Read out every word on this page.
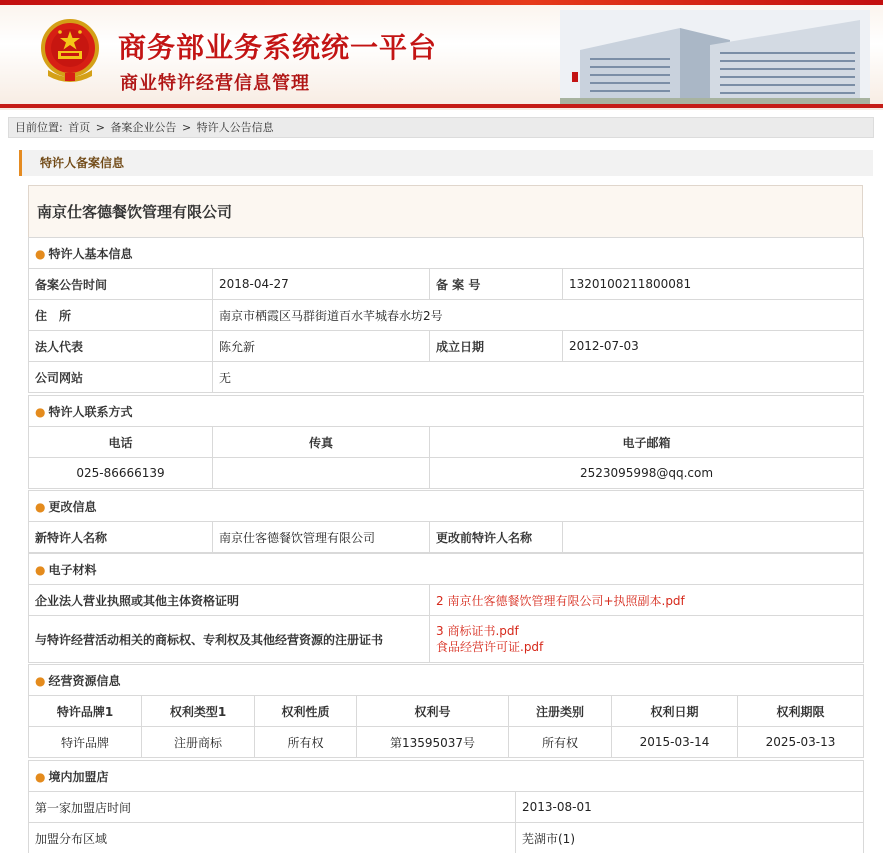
商务部业务系统统一平台
商业特许经营信息管理
目前位置: 首页 > 备案企业公告 > 特许人公告信息
特许人备案信息
南京仕客德餐饮管理有限公司
● 特许人基本信息			
备案公告时间	2018-04-27	备 案 号	1320100211800081
住　所	南京市栖霞区马群街道百水芊城春水坊2号		
法人代表	陈允新	成立日期	2012-07-03
公司网站	无		
● 特许人联系方式		
电话	传真	电子邮箱
025-86666139		2523095998@qq.com
● 更改信息
新特许人名称	南京仕客德餐饮管理有限公司	更改前特许人名称	
● 电子材料	
企业法人营业执照或其他主体资格证明	2 南京仕客德餐饮管理有限公司+执照副本.pdf
与特许经营活动相关的商标权、专利权及其他经营资源的注册证书	3 商标证书.pdf
食品经营许可证.pdf
● 经营资源信息						
特许品牌1	权利类型1	权利性质	权利号	注册类别	权利日期	权利期限
特许品牌	注册商标	所有权	第13595037号	所有权	2015-03-14	2025-03-13
● 境内加盟店	
第一家加盟店时间	2013-08-01
加盟分布区域	芜湖市(1)
